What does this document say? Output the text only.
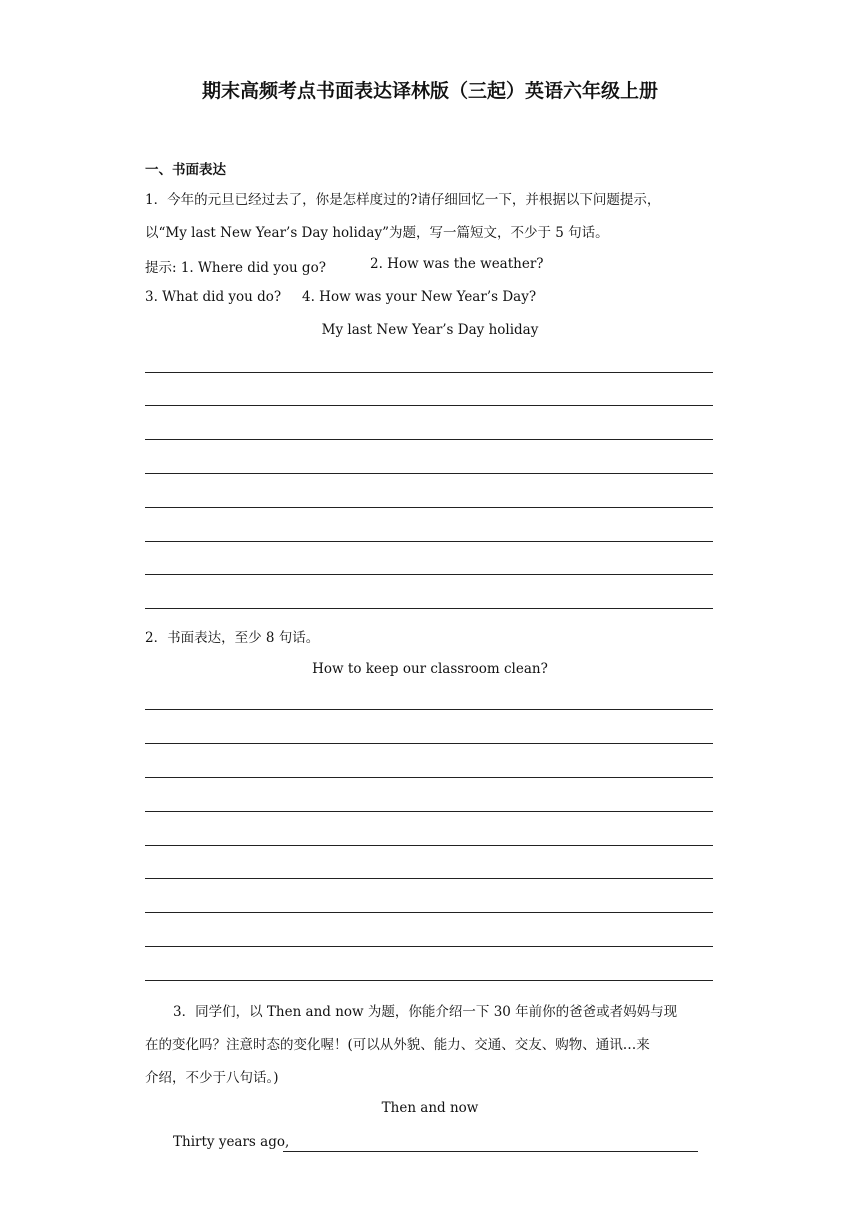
期末高频考点书面表达译林版（三起）英语六年级上册
一、书面表达
1．今年的元旦已经过去了，你是怎样度过的?请仔细回忆一下，并根据以下问题提示，
以“My last New Year’s Day holiday”为题，写一篇短文，不少于 5 句话。
提示: 1. Where did you go?	2. How was the weather?
3. What did you do? 4. How was your New Year’s Day?
My last New Year’s Day holiday
2．书面表达，至少 8 句话。
How to keep our classroom clean?
3．同学们，以 Then and now 为题，你能介绍一下 30 年前你的爸爸或者妈妈与现
在的变化吗？注意时态的变化喔！(可以从外貌、能力、交通、交友、购物、通讯…来
介绍，不少于八句话。)
Then and now
Thirty years ago,
